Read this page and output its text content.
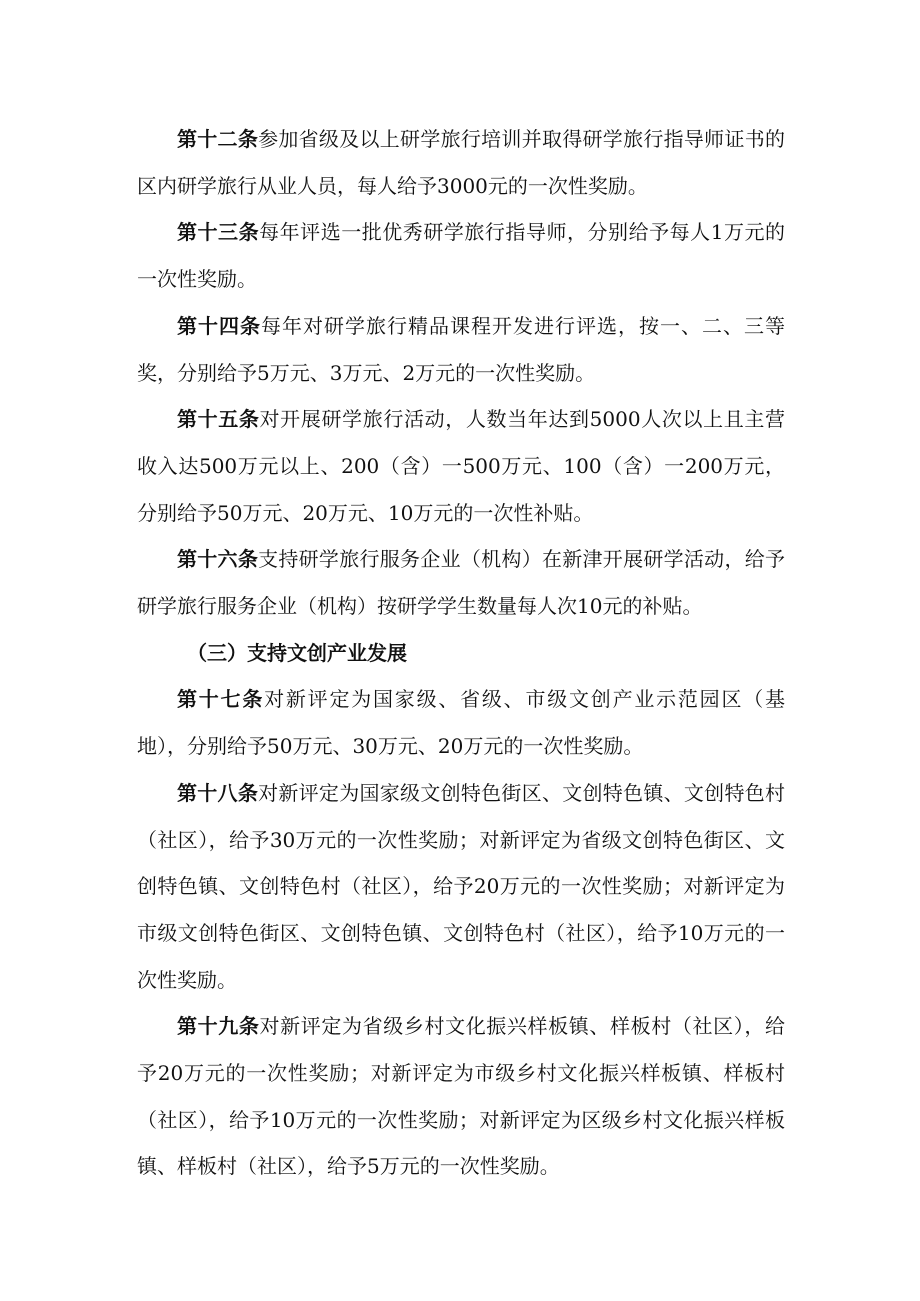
第十二条参加省级及以上研学旅行培训并取得研学旅行指导师证书的区内研学旅行从业人员，每人给予3000元的一次性奖励。

第十三条每年评选一批优秀研学旅行指导师，分别给予每人1万元的一次性奖励。

第十四条每年对研学旅行精品课程开发进行评选，按一、二、三等奖，分别给予5万元、3万元、2万元的一次性奖励。

第十五条对开展研学旅行活动，人数当年达到5000人次以上且主营收入达500万元以上、200（含）一500万元、100（含）一200万元，分别给予50万元、20万元、10万元的一次性补贴。

第十六条支持研学旅行服务企业（机构）在新津开展研学活动，给予研学旅行服务企业（机构）按研学学生数量每人次10元的补贴。

（三）支持文创产业发展

第十七条对新评定为国家级、省级、市级文创产业示范园区（基地），分别给予50万元、30万元、20万元的一次性奖励。

第十八条对新评定为国家级文创特色街区、文创特色镇、文创特色村（社区），给予30万元的一次性奖励；对新评定为省级文创特色街区、文创特色镇、文创特色村（社区），给予20万元的一次性奖励；对新评定为市级文创特色街区、文创特色镇、文创特色村（社区），给予10万元的一次性奖励。

第十九条对新评定为省级乡村文化振兴样板镇、样板村（社区），给予20万元的一次性奖励；对新评定为市级乡村文化振兴样板镇、样板村（社区），给予10万元的一次性奖励；对新评定为区级乡村文化振兴样板镇、样板村（社区），给予5万元的一次性奖励。
